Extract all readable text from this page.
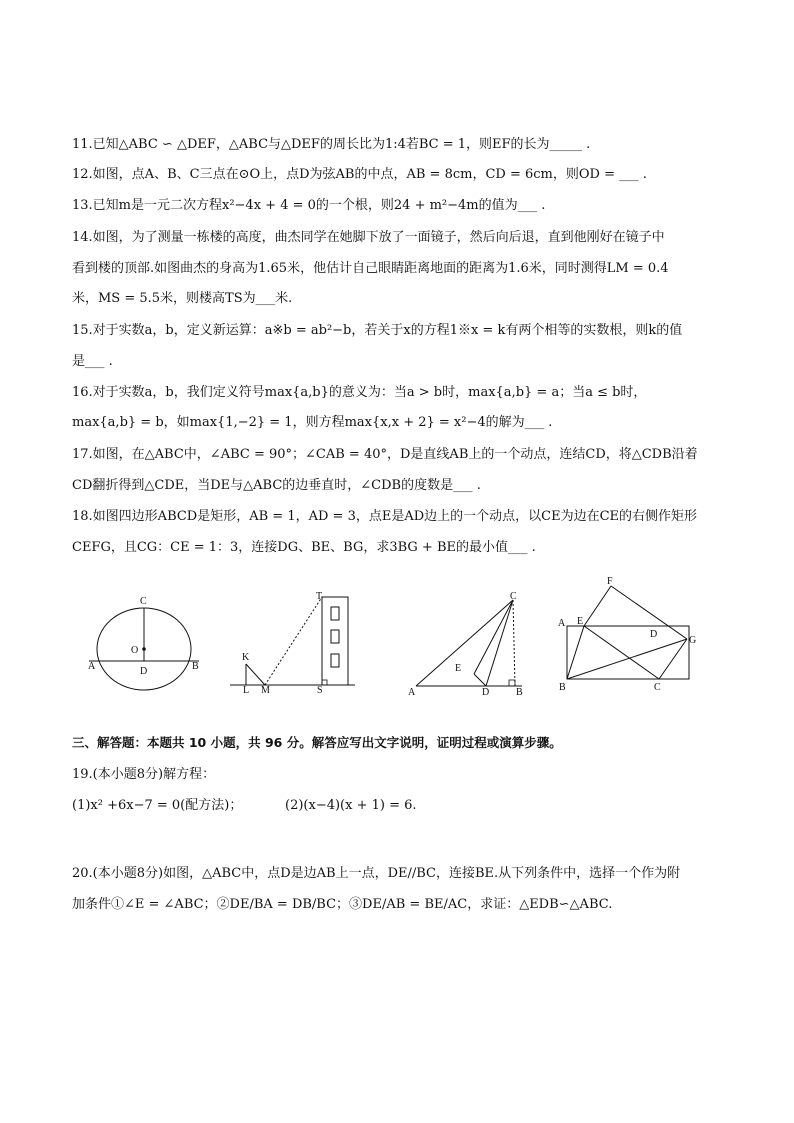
11.已知△ABC ∽ △DEF，△ABC与△DEF的周长比为1:4若BC = 1，则EF的长为_____ .
12.如图，点A、B、C三点在⊙O上，点D为弦AB的中点，AB = 8cm，CD = 6cm，则OD = ___ .
13.已知m是一元二次方程x²−4x + 4 = 0的一个根，则24 + m²−4m的值为___ .
14.如图，为了测量一栋楼的高度，曲杰同学在她脚下放了一面镜子，然后向后退，直到他刚好在镜子中
看到楼的顶部.如图曲杰的身高为1.65米，他估计自己眼睛距离地面的距离为1.6米，同时测得LM = 0.4
米，MS = 5.5米，则楼高TS为___米.
15.对于实数a，b，定义新运算：a※b = ab²−b，若关于x的方程1※x = k有两个相等的实数根，则k的值
是___ .
16.对于实数a，b，我们定义符号max{a,b}的意义为：当a > b时，max{a,b} = a；当a ≤ b时，
max{a,b} = b，如max{1,−2} = 1，则方程max{x,x + 2} = x²−4的解为___ .
17.如图，在△ABC中，∠ABC = 90°；∠CAB = 40°，D是直线AB上的一个动点，连结CD，将△CDB沿着
CD翻折得到△CDE，当DE与△ABC的边垂直时，∠CDB的度数是___ .
18.如图四边形ABCD是矩形，AB = 1，AD = 3，点E是AD边上的一个动点，以CE为边在CE的右侧作矩形
CEFG，且CG：CE = 1：3，连接DG、BE、BG，求3BG + BE的最小值___ .
C
O
A	D	B
T
K
L M	S
C
E
A	D	B
F
A E
D
G
B	C
三、解答题：本题共 10 小题，共 96 分。解答应写出文字说明，证明过程或演算步骤。
19.(本小题8分)解方程：
(1)x² +6x−7 = 0(配方法)；	(2)(x−4)(x + 1) = 6.
20.(本小题8分)如图，△ABC中，点D是边AB上一点，DE//BC，连接BE.从下列条件中，选择一个作为附
加条件①∠E = ∠ABC；②DE/BA = DB/BC；③DE/AB = BE/AC，求证：△EDB∽△ABC.
